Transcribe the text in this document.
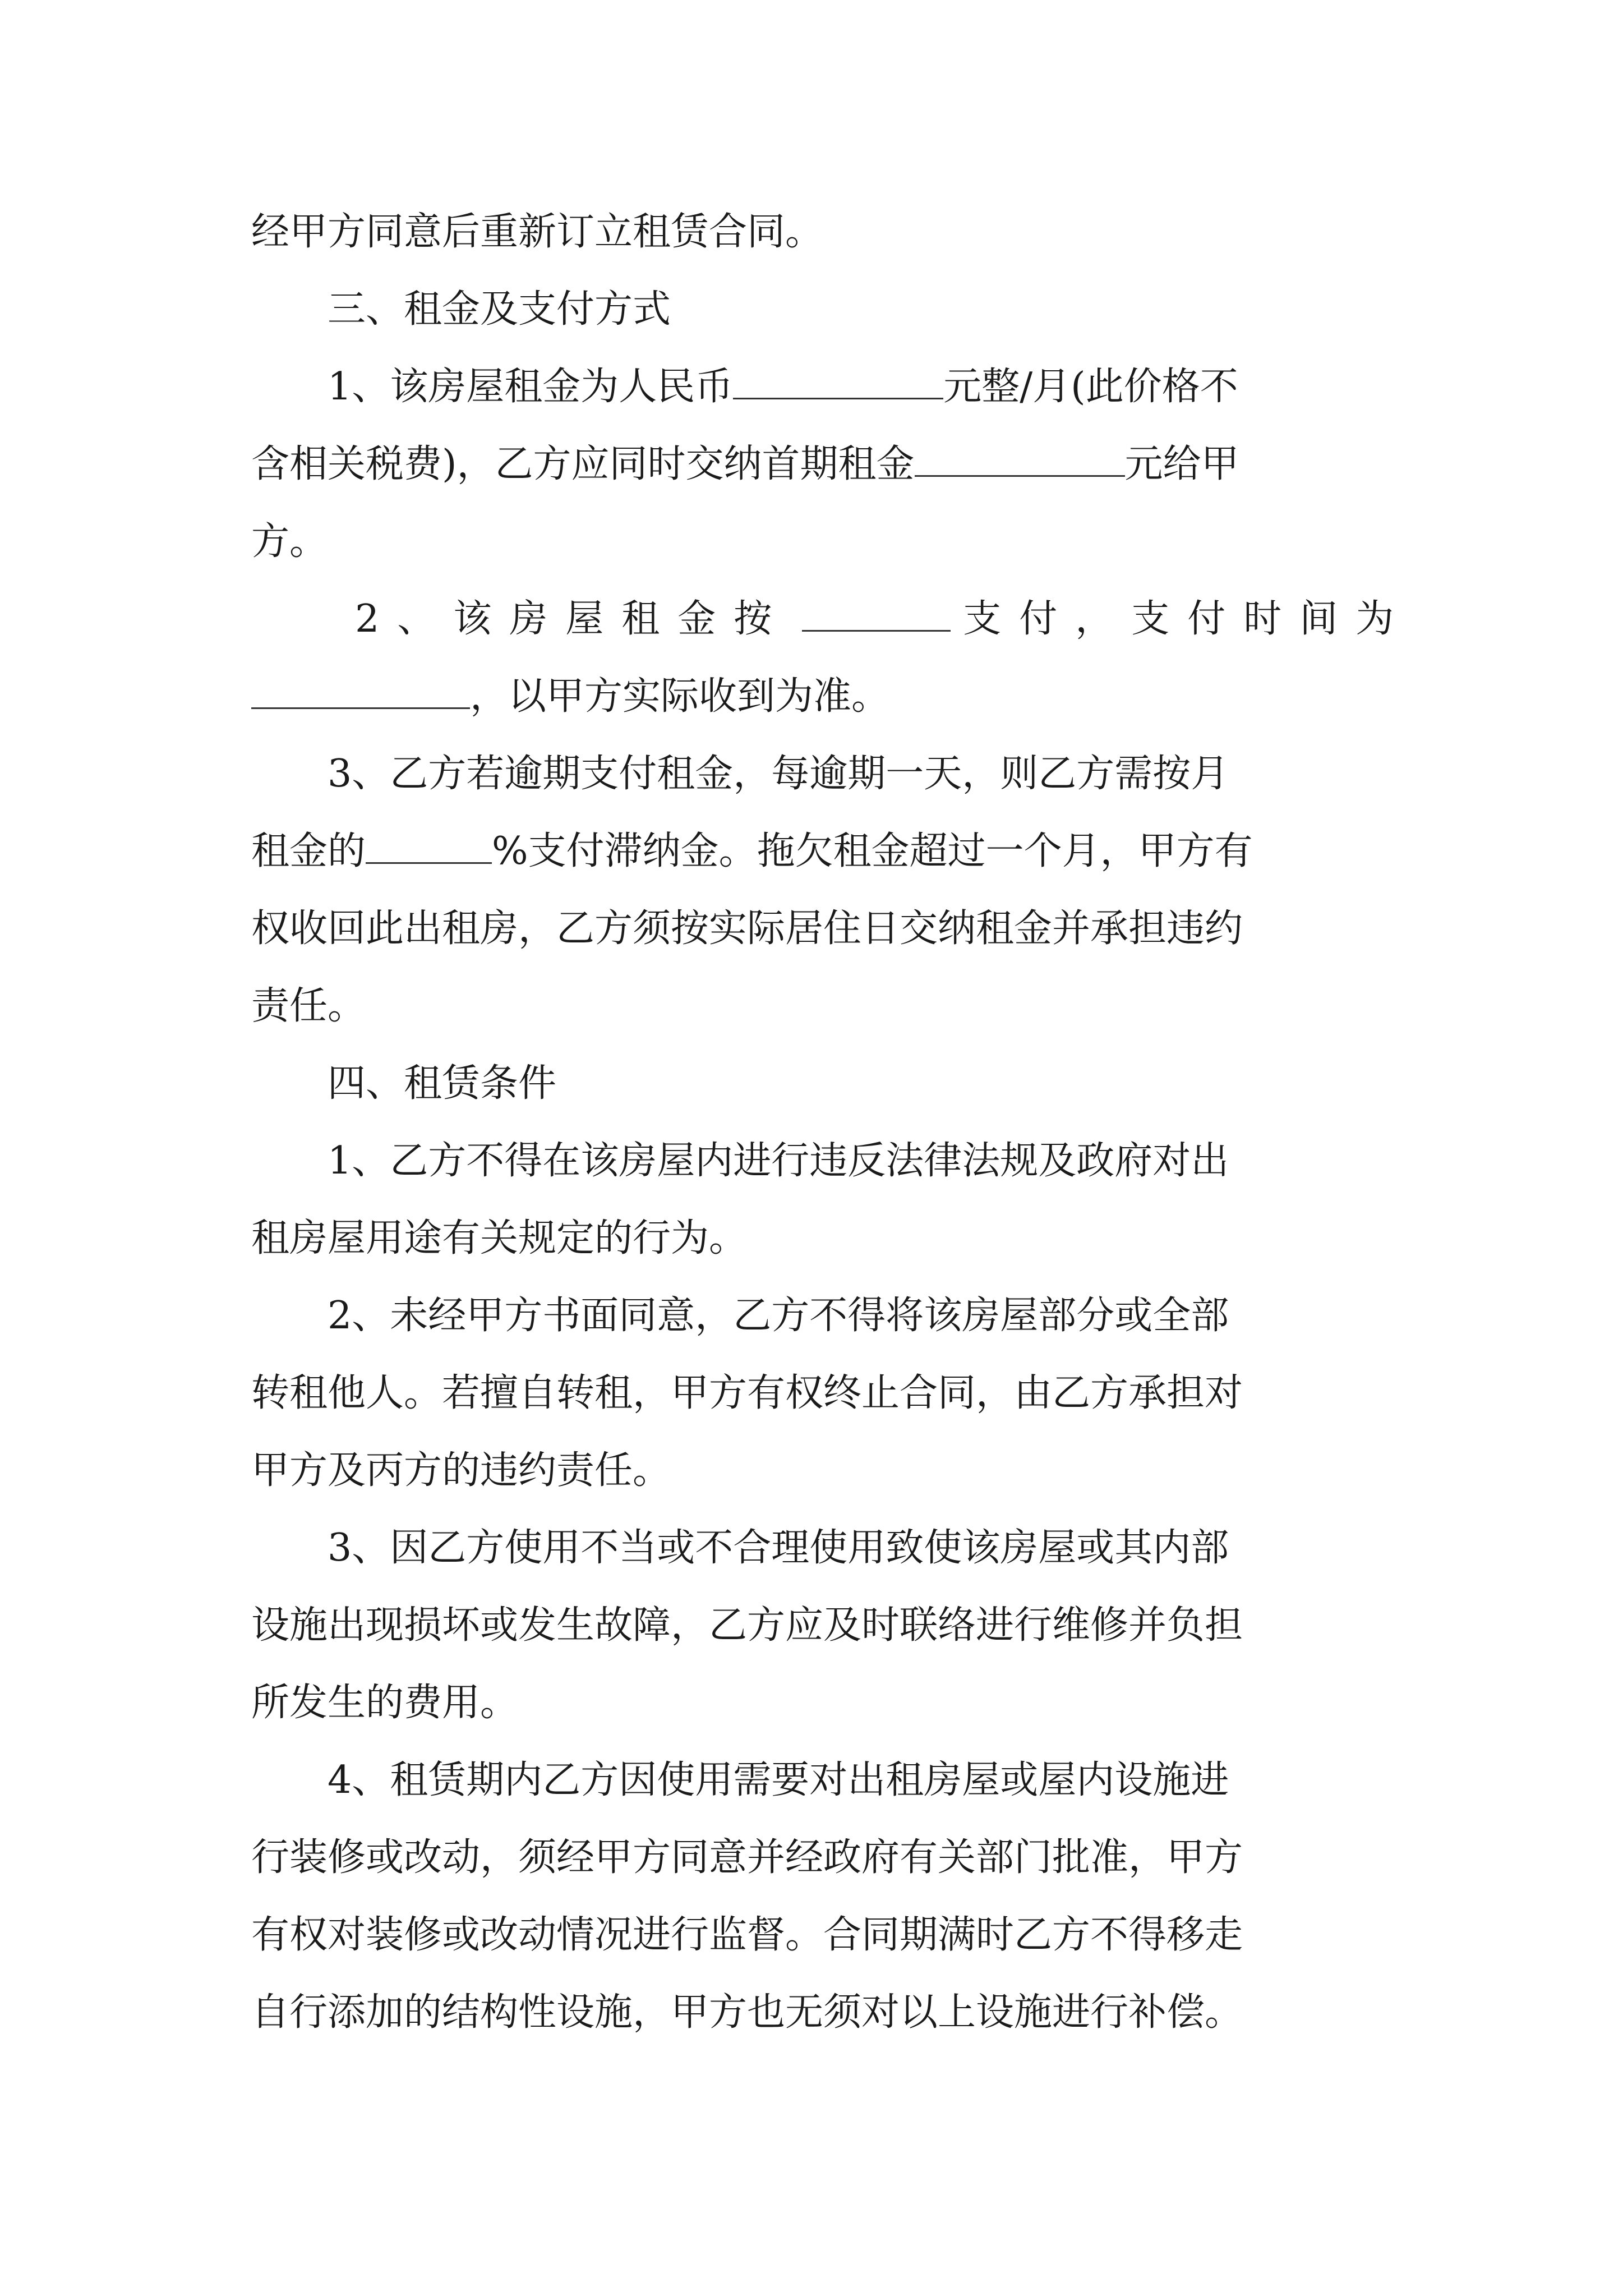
经甲方同意后重新订立租赁合同。
三、租金及支付方式
1、该房屋租金为人民币	元整/月(此价格不
含相关税费)，乙方应同时交纳首期租金	元给甲
方。
2、该房屋租金按	支付，支付时间为
，以甲方实际收到为准。
3、乙方若逾期支付租金，每逾期一天，则乙方需按月
租金的	%支付滞纳金。拖欠租金超过一个月，甲方有
权收回此出租房，乙方须按实际居住日交纳租金并承担违约
责任。
四、租赁条件
1、乙方不得在该房屋内进行违反法律法规及政府对出
租房屋用途有关规定的行为。
2、未经甲方书面同意，乙方不得将该房屋部分或全部
转租他人。若擅自转租，甲方有权终止合同，由乙方承担对
甲方及丙方的违约责任。
3、因乙方使用不当或不合理使用致使该房屋或其内部
设施出现损坏或发生故障，乙方应及时联络进行维修并负担
所发生的费用。
4、租赁期内乙方因使用需要对出租房屋或屋内设施进
行装修或改动，须经甲方同意并经政府有关部门批准，甲方
有权对装修或改动情况进行监督。合同期满时乙方不得移走
自行添加的结构性设施，甲方也无须对以上设施进行补偿。
